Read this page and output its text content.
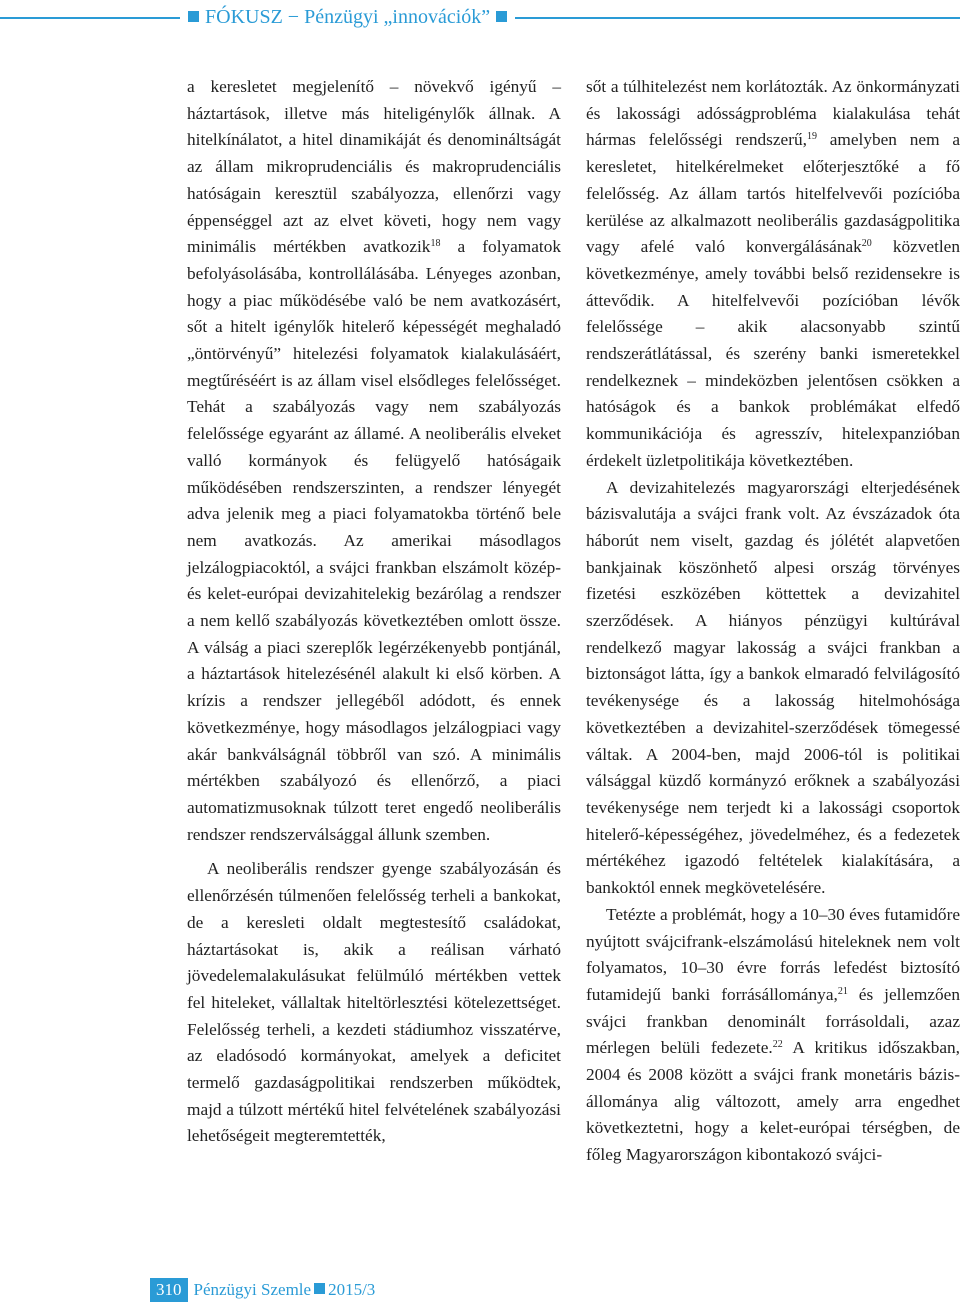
FÓKUSZ − Pénzügyi „innovációk”

a keresletet megjelenítő – növekvő igényű – háztartások, illetve más hiteligénylők állnak. A hitelkínálatot, a hitel dinamikáját és denomináltságát az állam mikroprudenciális és makroprudenciális hatóságain keresztül szabályozza, ellenőrzi vagy éppenséggel azt az elvet követi, hogy nem vagy minimális mértékben avatkozik$^{18}$ a folyamatok befolyásolásába, kontrollálásába. Lényeges azonban, hogy a piac működésébe való be nem avatkozásért, sőt a hitelt igénylők hitelerő képességét meghaladó „öntörvényű” hitelezési folyamatok kialakulásáért, megtűréséért is az állam visel elsődleges felelősséget. Tehát a szabályozás vagy nem szabályozás felelőssége egyaránt az államé. A neoliberális elveket valló kormányok és felügyelő hatóságaik működésében rendszerszinten, a rendszer lényegét adva jelenik meg a piaci folyamatokba történő bele nem avatkozás. Az amerikai másodlagos jelzálogpiacoktól, a svájci frankban elszámolt közép- és kelet-európai devizahitelekig bezárólag a rendszer a nem kellő szabályozás következtében omlott össze. A válság a piaci szereplők legérzékenyebb pontjánál, a háztartások hitelezésénél alakult ki első körben. A krízis a rendszer jellegéből adódott, és ennek következménye, hogy másodlagos jelzálogpiaci vagy akár bankválságnál többről van szó. A minimális mértékben szabályozó és ellenőrző, a piaci automatizmusoknak túlzott teret engedő neoliberális rendszer rendszerválsággal állunk szemben.

A neoliberális rendszer gyenge szabályozásán és ellenőrzésén túlmenően felelősség terheli a bankokat, de a keresleti oldalt megtestesítő családokat, háztartásokat is, akik a reálisan várható jövedelemalakulásukat felülmúló mértékben vettek fel hiteleket, vállaltak hiteltörlesztési kötelezettséget. Felelősség terheli, a kezdeti stádiumhoz visszatérve, az eladósodó kormányokat, amelyek a deficitet termelő gazdaságpolitikai rendszerben működtek, majd a túlzott mértékű hitel felvételének szabályozási lehetőségeit megteremtették,

sőt a túlhitelezést nem korlátozták. Az önkormányzati és lakossági adósságprobléma kialakulása tehát hármas felelősségi rendszerű,$^{19}$ amelyben nem a keresletet, hitelkérelmeket előterjesztőké a fő felelősség. Az állam tartós hitelfelvevői pozícióba kerülése az alkalmazott neoliberális gazdaságpolitika vagy afelé való konvergálásának$^{20}$ közvetlen következménye, amely további belső rezidensekre is áttevődik. A hitelfelvevői pozícióban lévők felelőssége – akik alacsonyabb szintű rendszerátlátással, és szerény banki ismeretekkel rendelkeznek – mindeközben jelentősen csökken a hatóságok és a bankok problémákat elfedő kommunikációja és agresszív, hitelexpanzióban érdekelt üzletpolitikája következtében.

A devizahitelezés magyarországi elterjedésének bázisvalutája a svájci frank volt. Az évszázadok óta háborút nem viselt, gazdag és jólétét alapvetően bankjainak köszönhető alpesi ország törvényes fizetési eszközében köttettek a devizahitel szerződések. A hiányos pénzügyi kultúrával rendelkező magyar lakosság a svájci frankban a biztonságot látta, így a bankok elmaradó felvilágosító tevékenysége és a lakosság hitelmohósága következtében a devizahitel-szerződések tömegessé váltak. A 2004-ben, majd 2006-tól is politikai válsággal küzdő kormányzó erőknek a szabályozási tevékenysége nem terjedt ki a lakossági csoportok hitelerő-képességéhez, jövedelméhez, és a fedezetek mértékéhez igazodó feltételek kialakítására, a bankoktól ennek megkövetelésére.

Tetézte a problémát, hogy a 10–30 éves futamidőre nyújtott svájcifrank-elszámolású hiteleknek nem volt folyamatos, 10–30 évre forrás lefedést biztosító futamidejű banki forrásállománya,$^{21}$ és jellemzően svájci frankban denominált forrásoldali, azaz mérlegen belüli fedezete.$^{22}$ A kritikus időszakban, 2004 és 2008 között a svájci frank monetáris bázis-állománya alig változott, amely arra engedhet következtetni, hogy a kelet-európai térségben, de főleg Magyarországon kibontakozó svájci-

310 Pénzügyi Szemle 2015/3
